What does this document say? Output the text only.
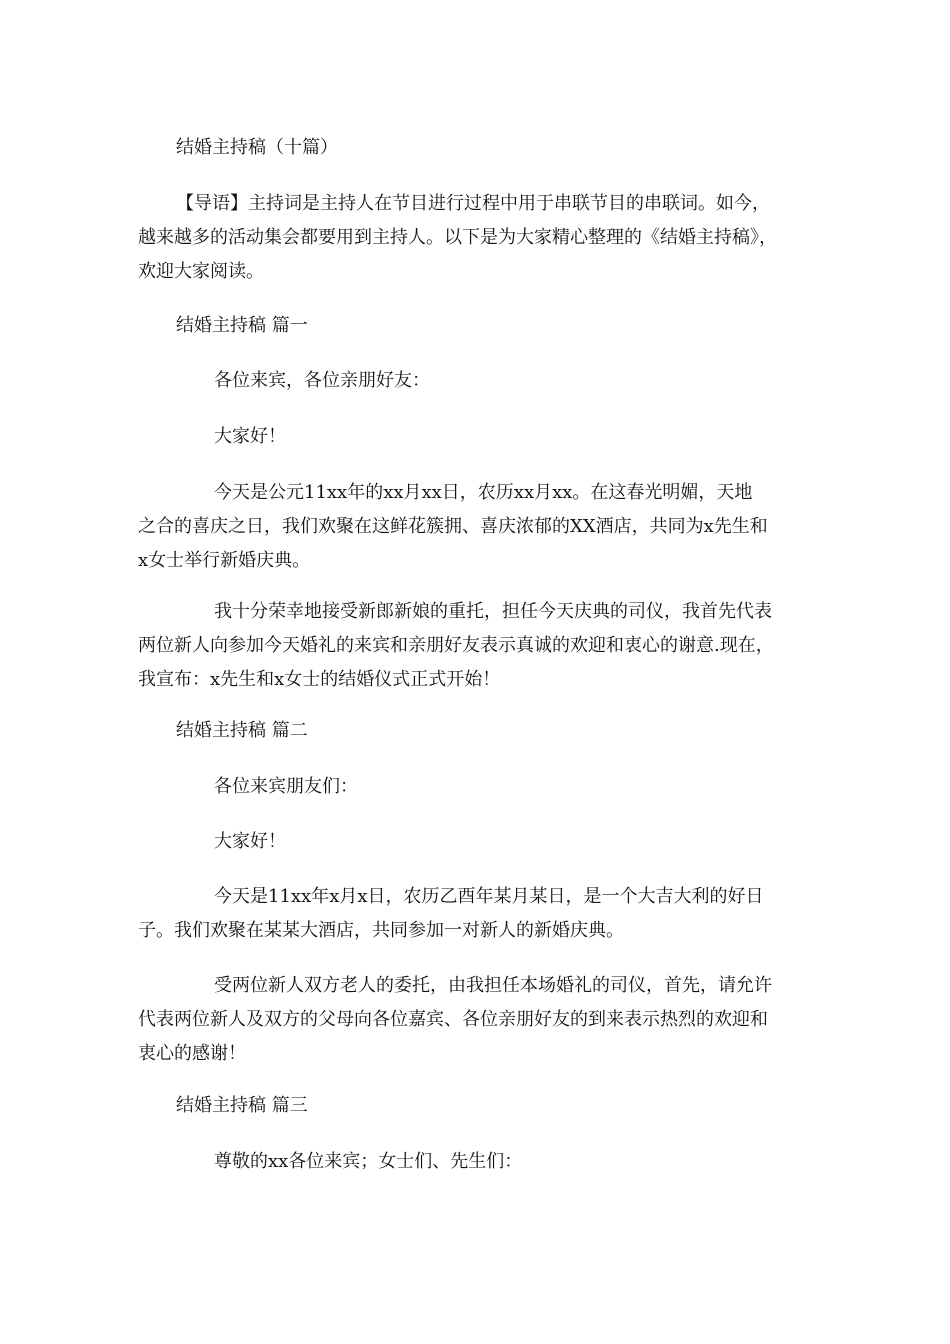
结婚主持稿（十篇）

【导语】主持词是主持人在节目进行过程中用于串联节目的串联词。如今，

越来越多的活动集会都要用到主持人。以下是为大家精心整理的《结婚主持稿》，

欢迎大家阅读。

结婚主持稿 篇一

各位来宾，各位亲朋好友：

大家好！

今天是公元11xx年的xx月xx日，农历xx月xx。在这春光明媚，天地

之合的喜庆之日，我们欢聚在这鲜花簇拥、喜庆浓郁的XX酒店，共同为x先生和

x女士举行新婚庆典。

我十分荣幸地接受新郎新娘的重托，担任今天庆典的司仪，我首先代表

两位新人向参加今天婚礼的来宾和亲朋好友表示真诚的欢迎和衷心的谢意.现在，

我宣布：x先生和x女士的结婚仪式正式开始！

结婚主持稿 篇二

各位来宾朋友们：

大家好！

今天是11xx年x月x日，农历乙酉年某月某日，是一个大吉大利的好日

子。我们欢聚在某某大酒店，共同参加一对新人的新婚庆典。

受两位新人双方老人的委托，由我担任本场婚礼的司仪，首先，请允许

代表两位新人及双方的父母向各位嘉宾、各位亲朋好友的到来表示热烈的欢迎和

衷心的感谢！

结婚主持稿 篇三

尊敬的xx各位来宾；女士们、先生们：
